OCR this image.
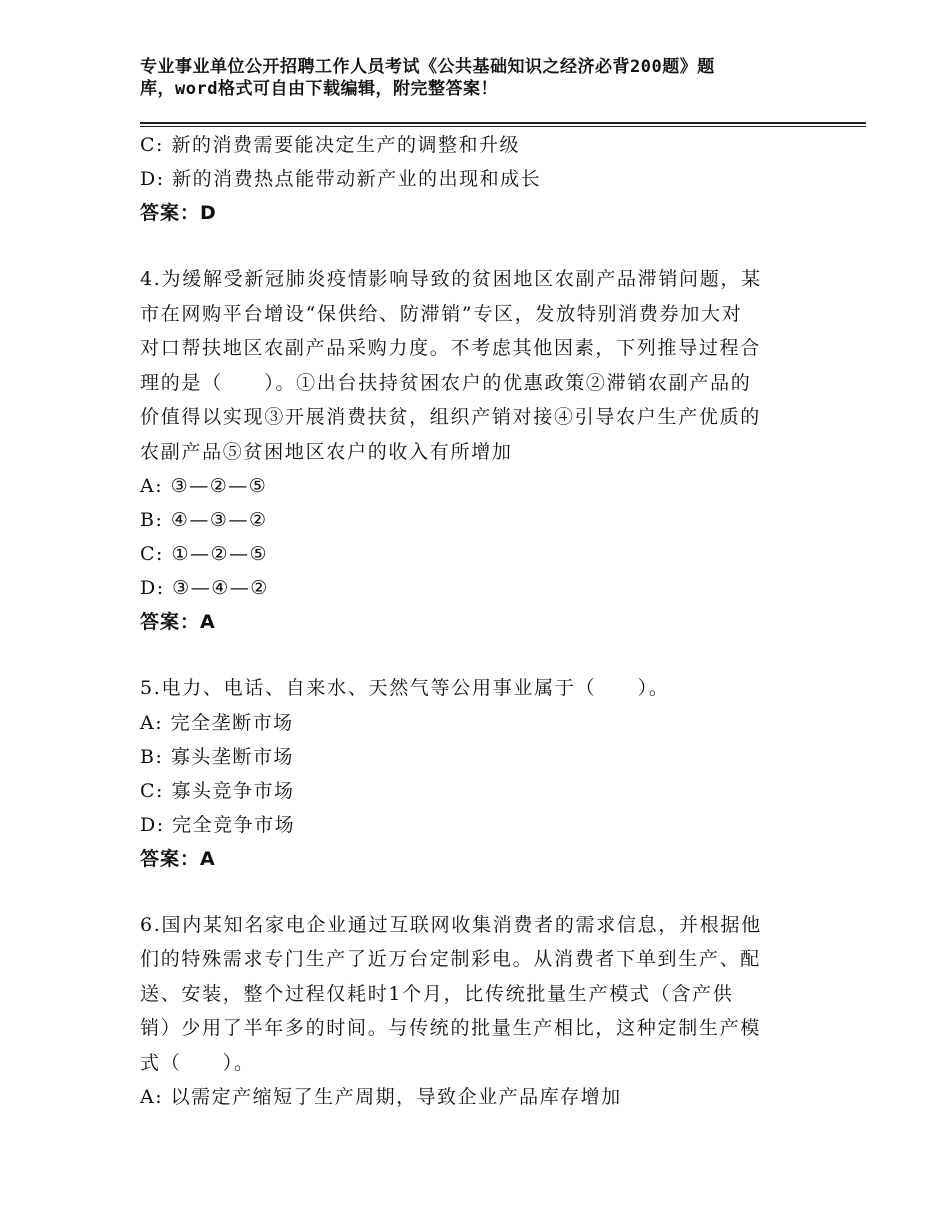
专业事业单位公开招聘工作人员考试《公共基础知识之经济必背200题》题
库，word格式可自由下载编辑，附完整答案！
C: 新的消费需要能决定生产的调整和升级
D: 新的消费热点能带动新产业的出现和成长
答案：D
4.为缓解受新冠肺炎疫情影响导致的贫困地区农副产品滞销问题，某
市在网购平台增设“保供给、防滞销”专区，发放特别消费券加大对
对口帮扶地区农副产品采购力度。不考虑其他因素，下列推导过程合
理的是（　　）。①出台扶持贫困农户的优惠政策②滞销农副产品的
价值得以实现③开展消费扶贫，组织产销对接④引导农户生产优质的
农副产品⑤贫困地区农户的收入有所增加
A: ③—②—⑤
B: ④—③—②
C: ①—②—⑤
D: ③—④—②
答案：A
5.电力、电话、自来水、天然气等公用事业属于（　　）。
A: 完全垄断市场
B: 寡头垄断市场
C: 寡头竞争市场
D: 完全竞争市场
答案：A
6.国内某知名家电企业通过互联网收集消费者的需求信息，并根据他
们的特殊需求专门生产了近万台定制彩电。从消费者下单到生产、配
送、安装，整个过程仅耗时1个月，比传统批量生产模式（含产供
销）少用了半年多的时间。与传统的批量生产相比，这种定制生产模
式（　　）。
A: 以需定产缩短了生产周期，导致企业产品库存增加
